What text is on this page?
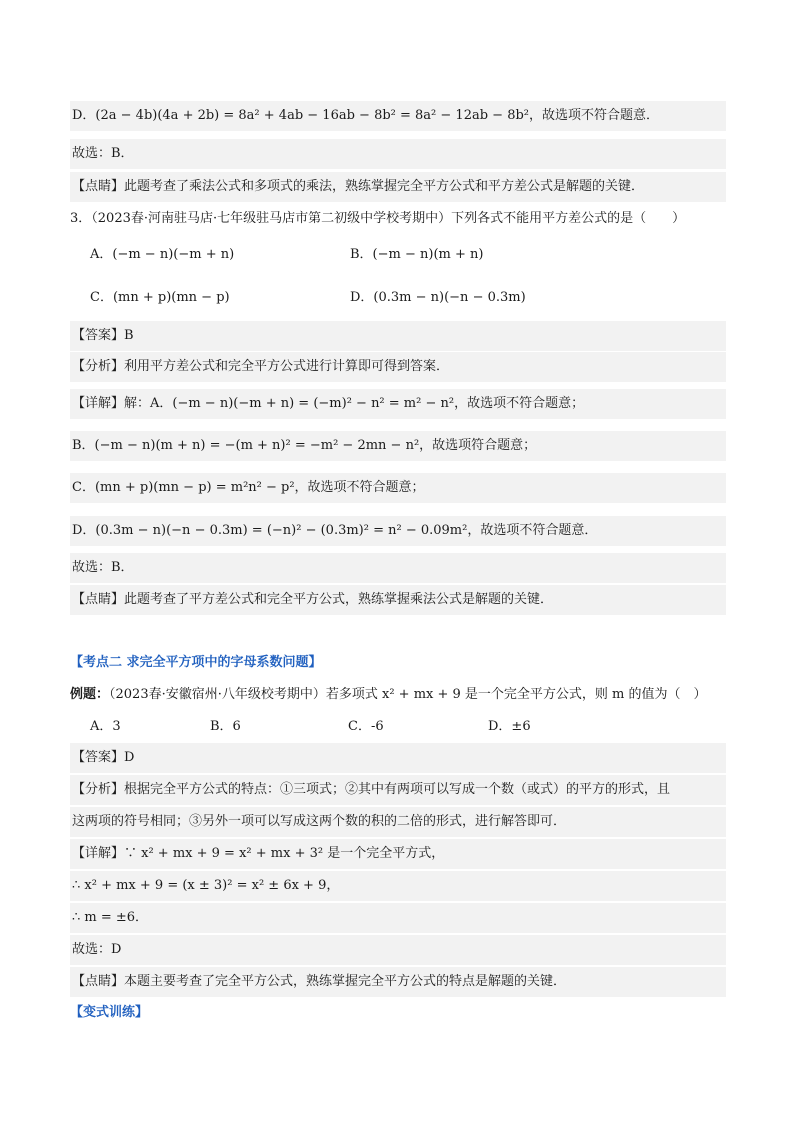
D．(2a − 4b)(4a + 2b) = 8a² + 4ab − 16ab − 8b² = 8a² − 12ab − 8b²，故选项不符合题意．
故选：B．
【点睛】此题考查了乘法公式和多项式的乘法，熟练掌握完全平方公式和平方差公式是解题的关键．
3．（2023春·河南驻马店·七年级驻马店市第二初级中学校考期中）下列各式不能用平方差公式的是（　　）
A．(−m − n)(−m + n)	B．(−m − n)(m + n)
C．(mn + p)(mn − p)	D．(0.3m − n)(−n − 0.3m)
【答案】B
【分析】利用平方差公式和完全平方公式进行计算即可得到答案．
【详解】解：A．(−m − n)(−m + n) = (−m)² − n² = m² − n²，故选项不符合题意；
B．(−m − n)(m + n) = −(m + n)² = −m² − 2mn − n²，故选项符合题意；
C．(mn + p)(mn − p) = m²n² − p²，故选项不符合题意；
D．(0.3m − n)(−n − 0.3m) = (−n)² − (0.3m)² = n² − 0.09m²，故选项不符合题意．
故选：B．
【点睛】此题考查了平方差公式和完全平方公式，熟练掌握乘法公式是解题的关键．
【考点二 求完全平方项中的字母系数问题】
例题：（2023春·安徽宿州·八年级校考期中）若多项式 x² + mx + 9 是一个完全平方公式，则 m 的值为（　）
A．3	B．6	C．-6	D．±6
【答案】D
【分析】根据完全平方公式的特点：①三项式；②其中有两项可以写成一个数（或式）的平方的形式，且
这两项的符号相同；③另外一项可以写成这两个数的积的二倍的形式，进行解答即可．
【详解】∵ x² + mx + 9 = x² + mx + 3² 是一个完全平方式，
∴ x² + mx + 9 = (x ± 3)² = x² ± 6x + 9，
∴ m = ±6．
故选：D
【点睛】本题主要考查了完全平方公式，熟练掌握完全平方公式的特点是解题的关键．
【变式训练】
